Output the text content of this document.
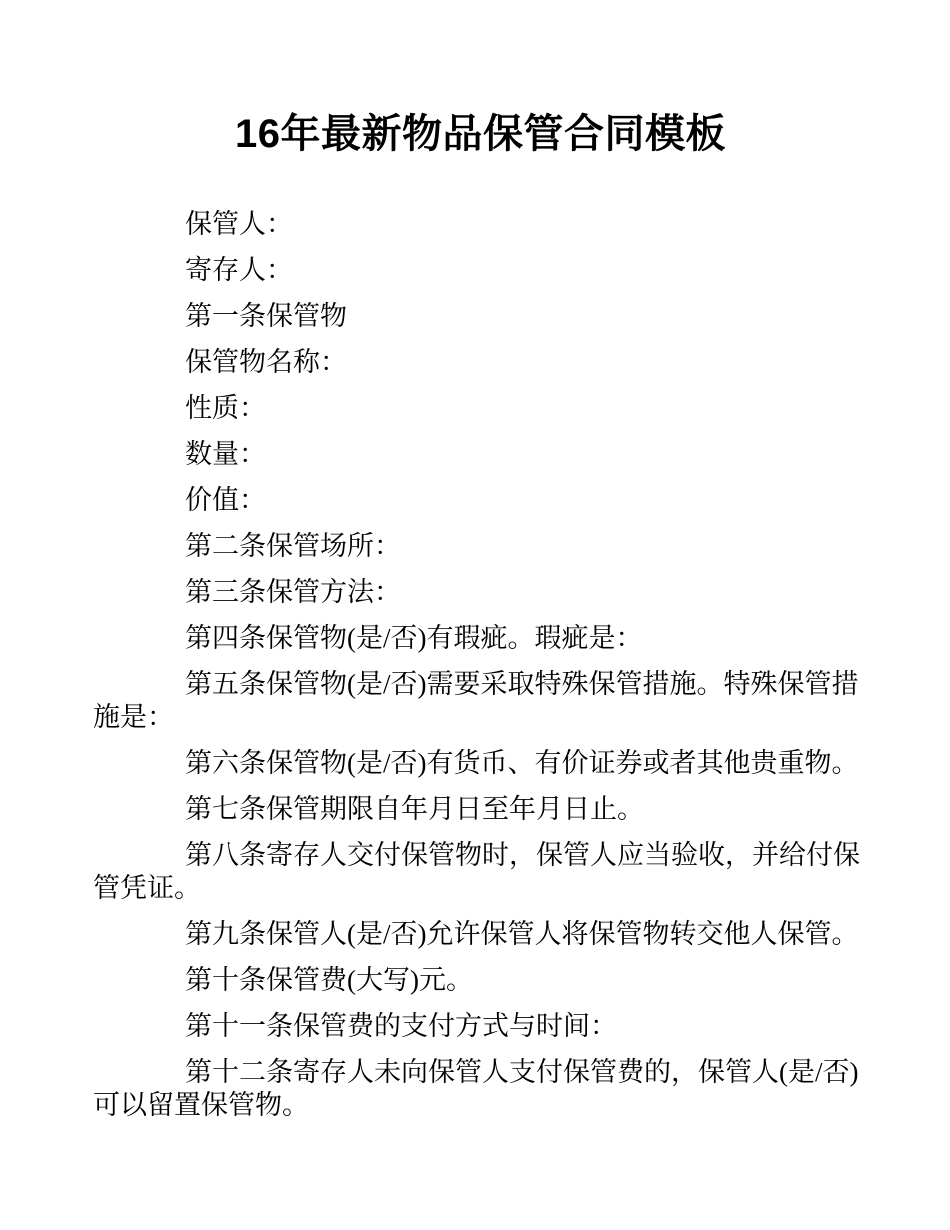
16年最新物品保管合同模板

保管人：

寄存人：

第一条保管物

保管物名称：

性质：

数量：

价值：

第二条保管场所：

第三条保管方法：

第四条保管物(是/否)有瑕疵。瑕疵是：

第五条保管物(是/否)需要采取特殊保管措施。特殊保管措施是：

第六条保管物(是/否)有货币、有价证券或者其他贵重物。

第七条保管期限自年月日至年月日止。

第八条寄存人交付保管物时，保管人应当验收，并给付保管凭证。

第九条保管人(是/否)允许保管人将保管物转交他人保管。

第十条保管费(大写)元。

第十一条保管费的支付方式与时间：

第十二条寄存人未向保管人支付保管费的，保管人(是/否)可以留置保管物。
